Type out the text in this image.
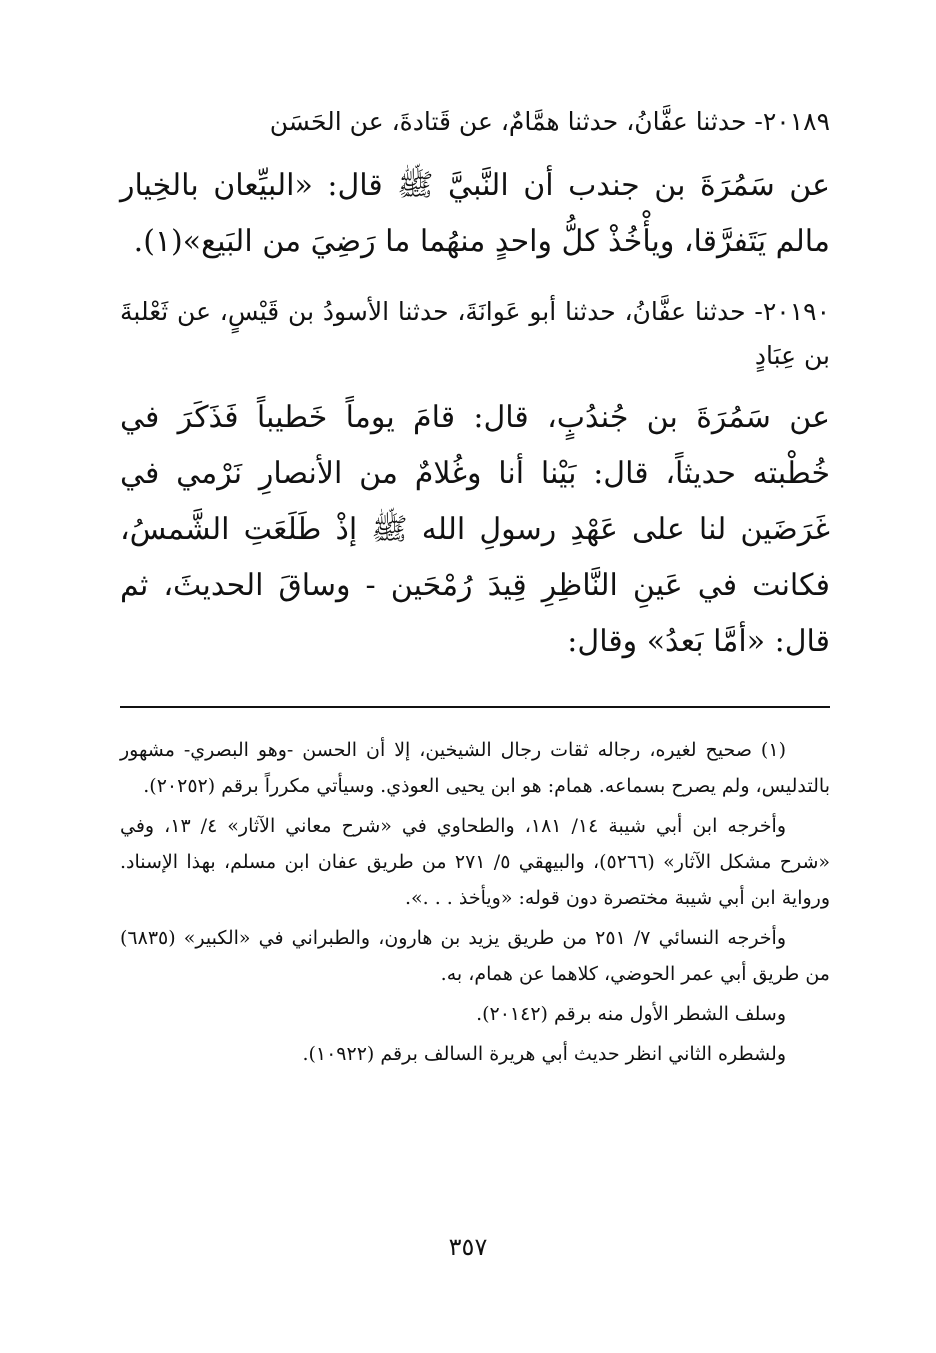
٢٠١٨٩- حدثنا عفَّانُ، حدثنا همَّامٌ، عن قَتادةَ، عن الحَسَن

عن سَمُرَةَ بن جندب أن النَّبيَّ ﷺ قال: «البيِّعان بالخِيار مالم يَتَفرَّقا، ويأْخُذْ كلُّ واحدٍ منهُما ما رَضِيَ من البَيع»(١).

٢٠١٩٠- حدثنا عفَّانُ، حدثنا أبو عَوانَةَ، حدثنا الأسودُ بن قَيْسٍ، عن ثَعْلبةَ بن عِبَادٍ

عن سَمُرَةَ بن جُندُبٍ، قال: قامَ يوماً خَطيباً فَذَكَرَ في خُطْبته حديثاً، قال: بَيْنا أنا وغُلامٌ من الأنصارِ نَرْمي في غَرَضَين لنا على عَهْدِ رسولِ الله ﷺ إذْ طَلَعَتِ الشَّمسُ، فكانت في عَينِ النَّاظِرِ قِيدَ رُمْحَين - وساقَ الحديثَ، ثم قال: «أمَّا بَعدُ» وقال:

(١) صحيح لغيره، رجاله ثقات رجال الشيخين، إلا أن الحسن -وهو البصري- مشهور بالتدليس، ولم يصرح بسماعه. همام: هو ابن يحيى العوذي. وسيأتي مكرراً برقم (٢٠٢٥٢).

وأخرجه ابن أبي شيبة ١٤/ ١٨١، والطحاوي في «شرح معاني الآثار» ٤/ ١٣، وفي «شرح مشكل الآثار» (٥٢٦٦)، والبيهقي ٥/ ٢٧١ من طريق عفان ابن مسلم، بهذا الإسناد. ورواية ابن أبي شيبة مختصرة دون قوله: «ويأخذ . . .».

وأخرجه النسائي ٧/ ٢٥١ من طريق يزيد بن هارون، والطبراني في «الكبير» (٦٨٣٥) من طريق أبي عمر الحوضي، كلاهما عن همام، به.

وسلف الشطر الأول منه برقم (٢٠١٤٢).

ولشطره الثاني انظر حديث أبي هريرة السالف برقم (١٠٩٢٢).

٣٥٧
